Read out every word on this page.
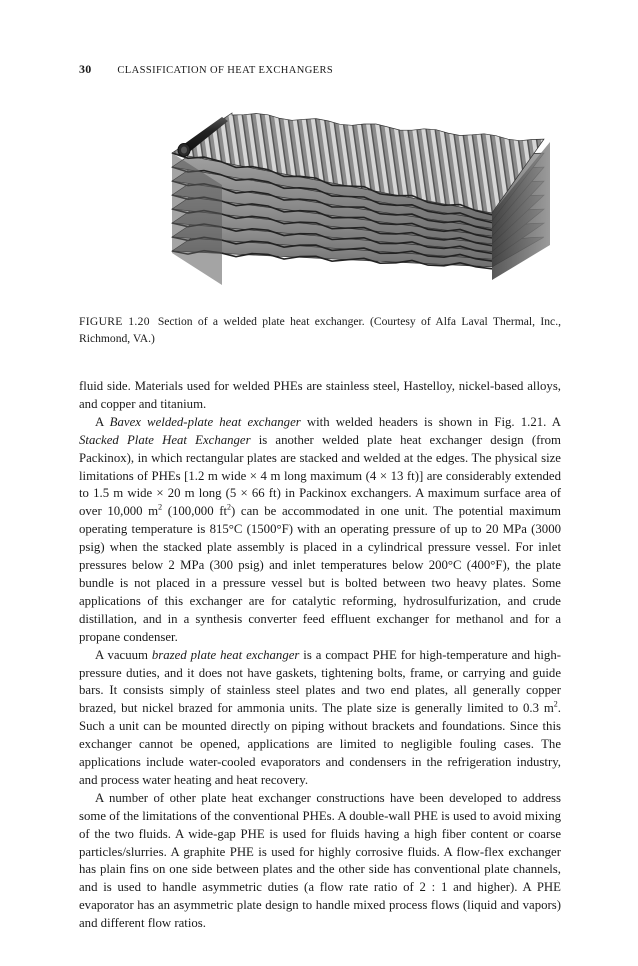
30 CLASSIFICATION OF HEAT EXCHANGERS
FIGURE 1.20 Section of a welded plate heat exchanger. (Courtesy of Alfa Laval Thermal, Inc., Richmond, VA.)

fluid side. Materials used for welded PHEs are stainless steel, Hastelloy, nickel-based alloys, and copper and titanium.

A Bavex welded-plate heat exchanger with welded headers is shown in Fig. 1.21. A Stacked Plate Heat Exchanger is another welded plate heat exchanger design (from Packinox), in which rectangular plates are stacked and welded at the edges. The physical size limitations of PHEs [1.2 m wide × 4 m long maximum (4 × 13 ft)] are considerably extended to 1.5 m wide × 20 m long (5 × 66 ft) in Packinox exchangers. A maximum surface area of over 10,000 $m^2$ (100,000 $ft^2$) can be accommodated in one unit. The potential maximum operating temperature is 815°C (1500°F) with an operating pressure of up to 20 MPa (3000 psig) when the stacked plate assembly is placed in a cylindrical pressure vessel. For inlet pressures below 2 MPa (300 psig) and inlet temperatures below 200°C (400°F), the plate bundle is not placed in a pressure vessel but is bolted between two heavy plates. Some applications of this exchanger are for catalytic reforming, hydrosulfurization, and crude distillation, and in a synthesis converter feed effluent exchanger for methanol and for a propane condenser.

A vacuum brazed plate heat exchanger is a compact PHE for high-temperature and high-pressure duties, and it does not have gaskets, tightening bolts, frame, or carrying and guide bars. It consists simply of stainless steel plates and two end plates, all generally copper brazed, but nickel brazed for ammonia units. The plate size is generally limited to 0.3 $m^2$. Such a unit can be mounted directly on piping without brackets and foundations. Since this exchanger cannot be opened, applications are limited to negligible fouling cases. The applications include water-cooled evaporators and condensers in the refrigeration industry, and process water heating and heat recovery.

A number of other plate heat exchanger constructions have been developed to address some of the limitations of the conventional PHEs. A double-wall PHE is used to avoid mixing of the two fluids. A wide-gap PHE is used for fluids having a high fiber content or coarse particles/slurries. A graphite PHE is used for highly corrosive fluids. A flow-flex exchanger has plain fins on one side between plates and the other side has conventional plate channels, and is used to handle asymmetric duties (a flow rate ratio of 2 : 1 and higher). A PHE evaporator has an asymmetric plate design to handle mixed process flows (liquid and vapors) and different flow ratios.
